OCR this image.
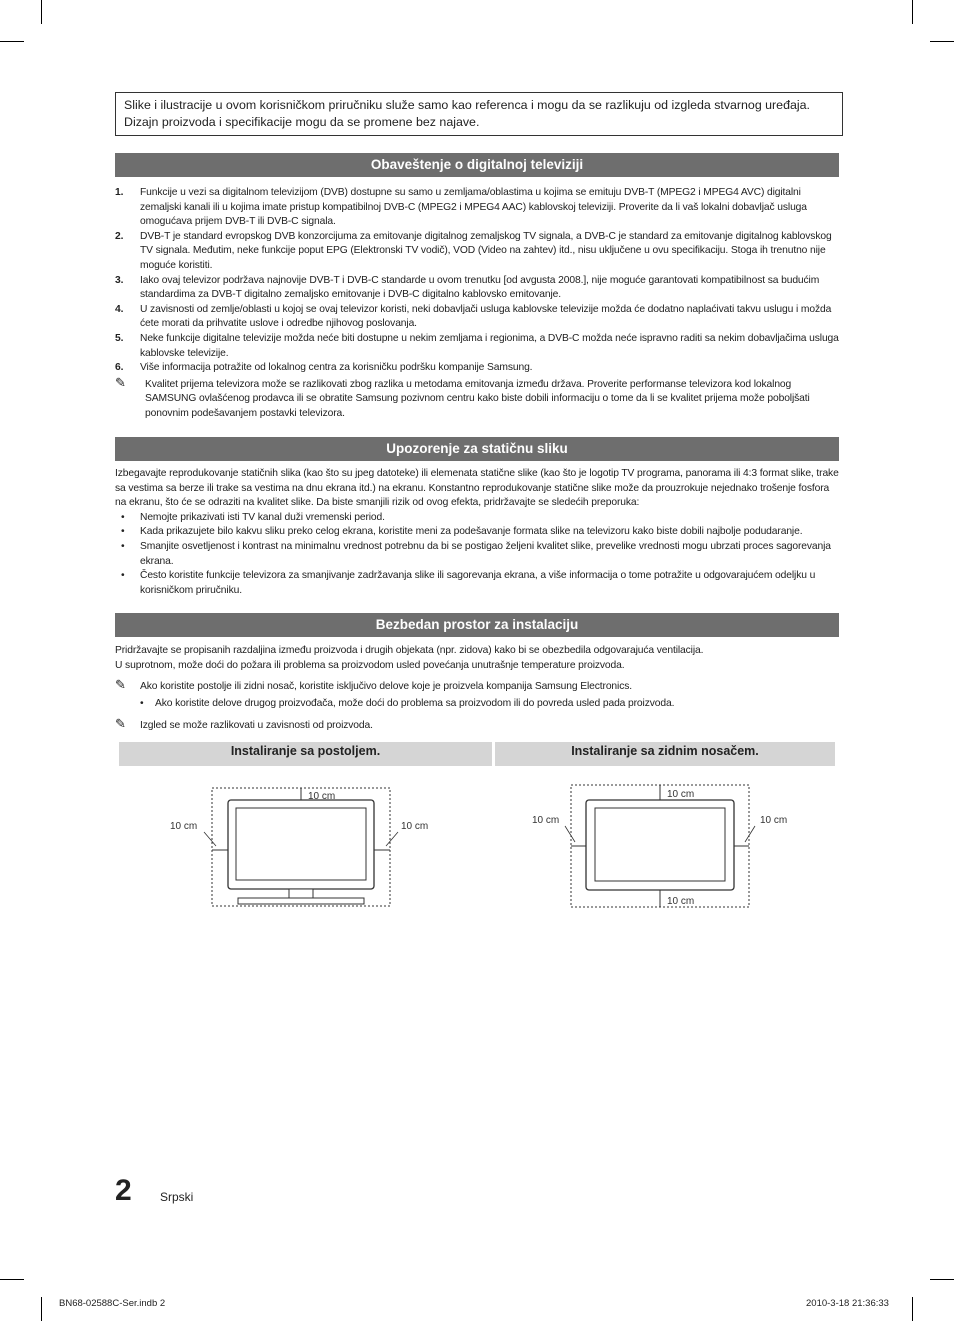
Slike i ilustracije u ovom korisničkom priručniku služe samo kao referenca i mogu da se razlikuju od izgleda stvarnog uređaja. Dizajn proizvoda i specifikacije mogu da se promene bez najave.
Obaveštenje o digitalnoj televiziji
1. Funkcije u vezi sa digitalnom televizijom (DVB) dostupne su samo u zemljama/oblastima u kojima se emituju DVB-T (MPEG2 i MPEG4 AVC) digitalni zemaljski kanali ili u kojima imate pristup kompatibilnoj DVB-C (MPEG2 i MPEG4 AAC) kablovskoj televiziji. Proverite da li vaš lokalni dobavljač usluga omogućava prijem DVB-T ili DVB-C signala.
2. DVB-T je standard evropskog DVB konzorcijuma za emitovanje digitalnog zemaljskog TV signala, a DVB-C je standard za emitovanje digitalnog kablovskog TV signala. Međutim, neke funkcije poput EPG (Elektronski TV vodič), VOD (Video na zahtev) itd., nisu uključene u ovu specifikaciju. Stoga ih trenutno nije moguće koristiti.
3. Iako ovaj televizor podržava najnovije DVB-T i DVB-C standarde u ovom trenutku [od avgusta 2008.], nije moguće garantovati kompatibilnost sa budućim standardima za DVB-T digitalno zemaljsko emitovanje i DVB-C digitalno kablovsko emitovanje.
4. U zavisnosti od zemlje/oblasti u kojoj se ovaj televizor koristi, neki dobavljači usluga kablovske televizije možda će dodatno naplaćivati takvu uslugu i možda ćete morati da prihvatite uslove i odredbe njihovog poslovanja.
5. Neke funkcije digitalne televizije možda neće biti dostupne u nekim zemljama i regionima, a DVB-C možda neće ispravno raditi sa nekim dobavljačima usluga kablovske televizije.
6. Više informacija potražite od lokalnog centra za korisničku podršku kompanije Samsung.
✎ Kvalitet prijema televizora može se razlikovati zbog razlika u metodama emitovanja između država. Proverite performanse televizora kod lokalnog SAMSUNG ovlašćenog prodavca ili se obratite Samsung pozivnom centru kako biste dobili informaciju o tome da li se kvalitet prijema može poboljšati ponovnim podešavanjem postavki televizora.
Upozorenje za statičnu sliku
Izbegavajte reprodukovanje statičnih slika (kao što su jpeg datoteke) ili elemenata statične slike (kao što je logotip TV programa, panorama ili 4:3 format slike, trake sa vestima sa berze ili trake sa vestima na dnu ekrana itd.) na ekranu. Konstantno reprodukovanje statične slike može da prouzrokuje nejednako trošenje fosfora na ekranu, što će se odraziti na kvalitet slike. Da biste smanjili rizik od ovog efekta, pridržavajte se sledećih preporuka:
• Nemojte prikazivati isti TV kanal duži vremenski period.
• Kada prikazujete bilo kakvu sliku preko celog ekrana, koristite meni za podešavanje formata slike na televizoru kako biste dobili najbolje podudaranje.
• Smanjite osvetljenost i kontrast na minimalnu vrednost potrebnu da bi se postigao željeni kvalitet slike, prevelike vrednosti mogu ubrzati proces sagorevanja ekrana.
• Često koristite funkcije televizora za smanjivanje zadržavanja slike ili sagorevanja ekrana, a više informacija o tome potražite u odgovarajućem odeljku u korisničkom priručniku.
Bezbedan prostor za instalaciju
Pridržavajte se propisanih razdaljina između proizvoda i drugih objekata (npr. zidova) kako bi se obezbedila odgovarajuća ventilacija.
U suprotnom, može doći do požara ili problema sa proizvodom usled povećanja unutrašnje temperature proizvoda.
✎ Ako koristite postolje ili zidni nosač, koristite isključivo delove koje je proizvela kompanija Samsung Electronics.
• Ako koristite delove drugog proizvođača, može doći do problema sa proizvodom ili do povreda usled pada proizvoda.
✎ Izgled se može razlikovati u zavisnosti od proizvoda.
Instaliranje sa postoljem.	Instaliranje sa zidnim nosačem.
10 cm
10 cm	10 cm
10 cm
10 cm
10 cm	10 cm
2 Srpski
BN68-02588C-Ser.indb 2	2010-3-18 21:36:33
